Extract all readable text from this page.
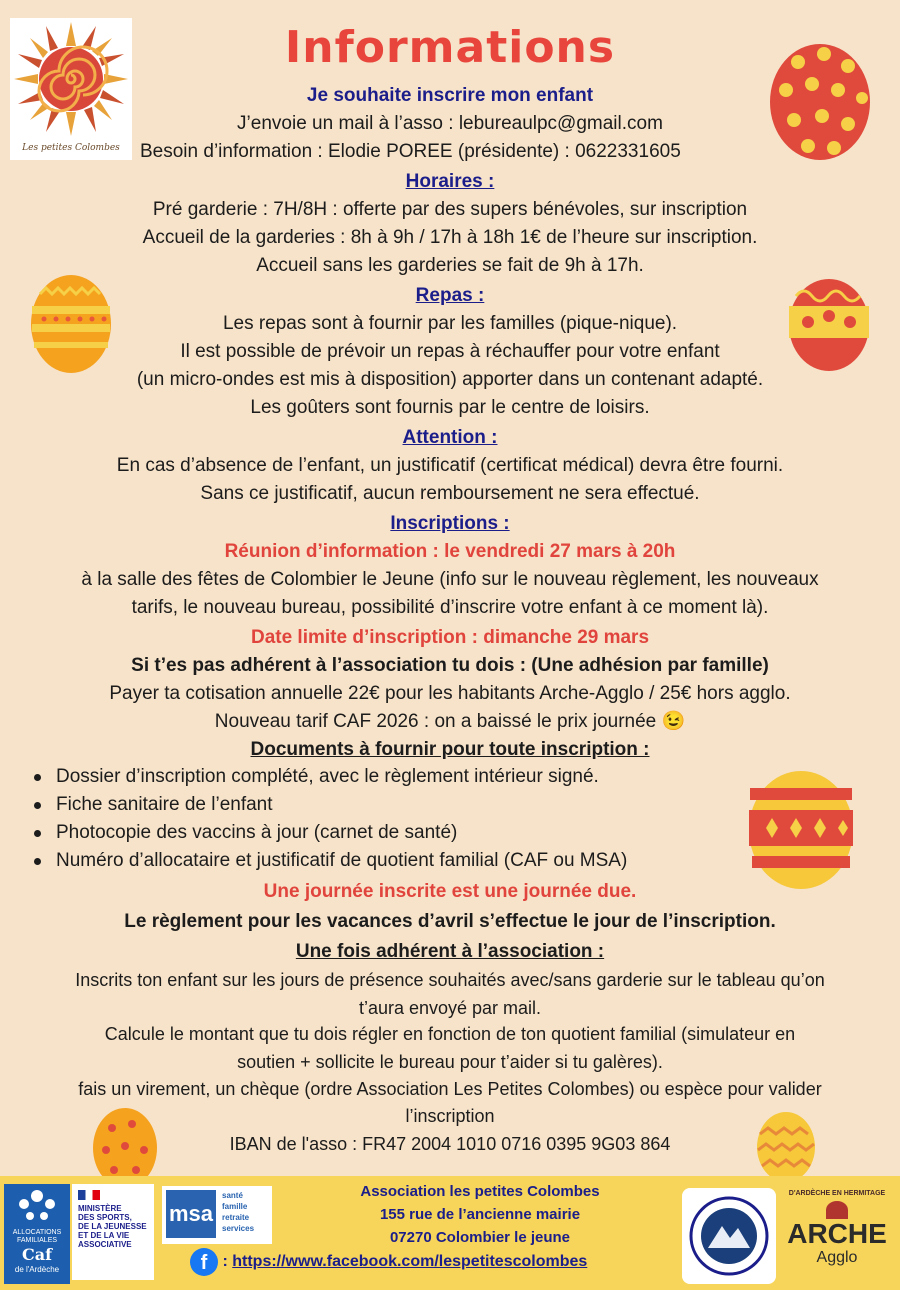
Les petites Colombes
Informations
Je souhaite inscrire mon enfant
J’envoie un mail à l’asso : lebureaulpc@gmail.com
Besoin d’information : Elodie POREE (présidente) : 0622331605
Horaires :
Pré garderie : 7H/8H : offerte par des supers bénévoles, sur inscription
Accueil de la garderies : 8h à 9h / 17h à 18h 1€ de l’heure sur inscription.
Accueil sans les garderies se fait de 9h à 17h.
Repas :
Les repas sont à fournir par les familles (pique-nique).
Il est possible de prévoir un repas à réchauffer pour votre enfant
(un micro-ondes est mis à disposition) apporter dans un contenant adapté.
Les goûters sont fournis par le centre de loisirs.
Attention :
En cas d’absence de l’enfant, un justificatif (certificat médical) devra être fourni.
Sans ce justificatif, aucun remboursement ne sera effectué.
Inscriptions :
Réunion d’information : le vendredi 27 mars à 20h
à la salle des fêtes de Colombier le Jeune (info sur le nouveau règlement, les nouveaux
tarifs, le nouveau bureau, possibilité d’inscrire votre enfant à ce moment là).
Date limite d’inscription : dimanche 29 mars
Si t’es pas adhérent à l’association tu dois : (Une adhésion par famille)
Payer ta cotisation annuelle 22€ pour les habitants Arche-Agglo / 25€ hors agglo.
Nouveau tarif CAF 2026 : on a baissé le prix journée 😉
Documents à fournir pour toute inscription :
Dossier d’inscription complété, avec le règlement intérieur signé.
Fiche sanitaire de l’enfant
Photocopie des vaccins à jour (carnet de santé)
Numéro d’allocataire et justificatif de quotient familial (CAF ou MSA)
Une journée inscrite est une journée due.
Le règlement pour les vacances d’avril s’effectue le jour de l’inscription.
Une fois adhérent à l’association :
Inscrits ton enfant sur les jours de présence souhaités avec/sans garderie sur le tableau qu’on
t’aura envoyé par mail.
Calcule le montant que tu dois régler en fonction de ton quotient familial (simulateur en
soutien + sollicite le bureau pour t’aider si tu galères).
fais un virement, un chèque (ordre Association Les Petites Colombes) ou espèce pour valider
l’inscription
IBAN de l'asso : FR47 2004 1010 0716 0395 9G03 864
ALLOCATIONS FAMILIALES
Caf
de l'Ardèche
MINISTÈRE
DES SPORTS,
DE LA JEUNESSE
ET DE LA VIE
ASSOCIATIVE
msa
santé
famille
retraite
services
Association les petites Colombes
155 rue de l’ancienne mairie
07270 Colombier le jeune
f : https://www.facebook.com/lespetitescolombes
D'ARDÈCHE EN HERMITAGE
ARCHE
Agglo
